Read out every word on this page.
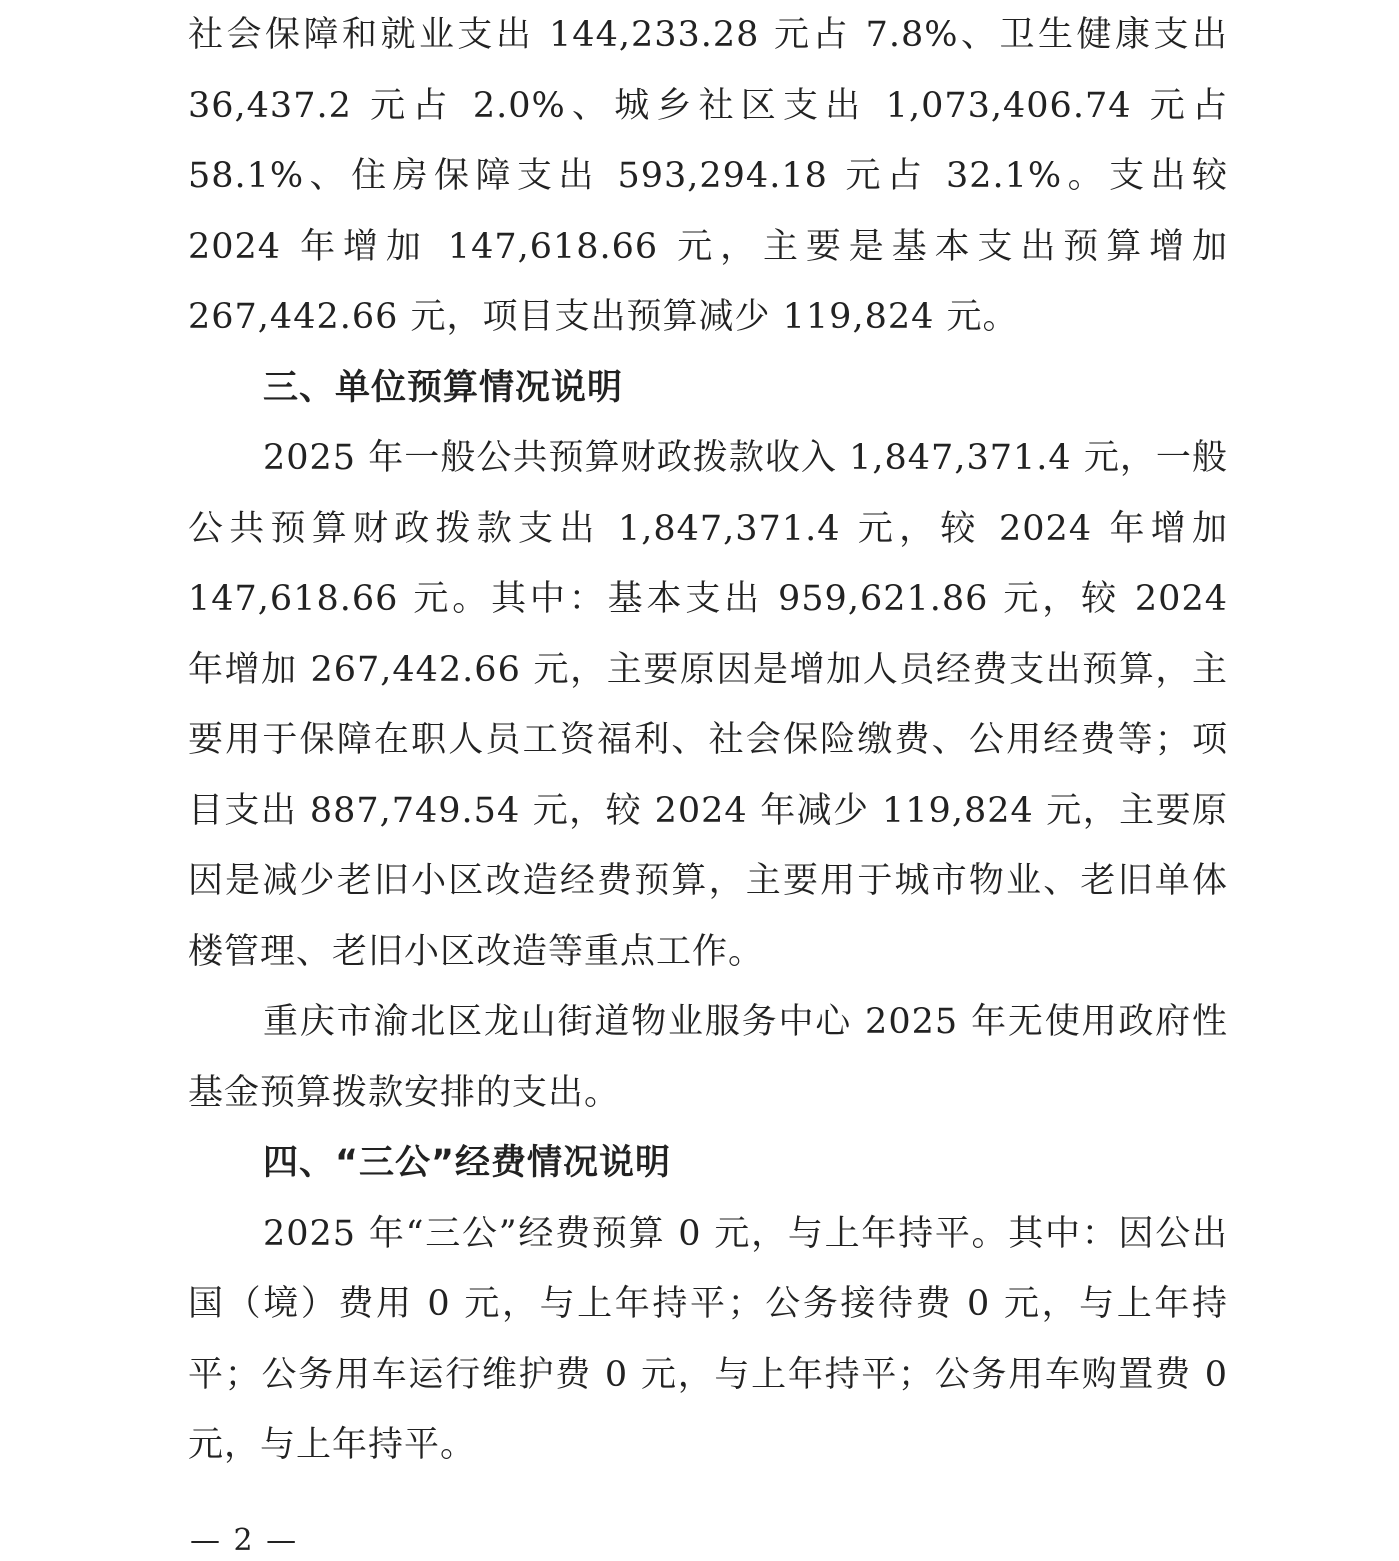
社会保障和就业支出 144,233.28 元占 7.8%、卫生健康支出 36,437.2 元占 2.0%、城乡社区支出 1,073,406.74 元占 58.1%、住房保障支出 593,294.18 元占 32.1%。支出较 2024 年增加 147,618.66 元，主要是基本支出预算增加 267,442.66 元，项目支出预算减少 119,824 元。

三、单位预算情况说明

2025 年一般公共预算财政拨款收入 1,847,371.4 元，一般公共预算财政拨款支出 1,847,371.4 元，较 2024 年增加 147,618.66 元。其中：基本支出 959,621.86 元，较 2024 年增加 267,442.66 元，主要原因是增加人员经费支出预算，主要用于保障在职人员工资福利、社会保险缴费、公用经费等；项目支出 887,749.54 元，较 2024 年减少 119,824 元，主要原因是减少老旧小区改造经费预算，主要用于城市物业、老旧单体楼管理、老旧小区改造等重点工作。

重庆市渝北区龙山街道物业服务中心 2025 年无使用政府性基金预算拨款安排的支出。

四、“三公”经费情况说明

2025 年“三公”经费预算 0 元，与上年持平。其中：因公出国（境）费用 0 元，与上年持平；公务接待费 0 元，与上年持平；公务用车运行维护费 0 元，与上年持平；公务用车购置费 0 元，与上年持平。

— 2 —
